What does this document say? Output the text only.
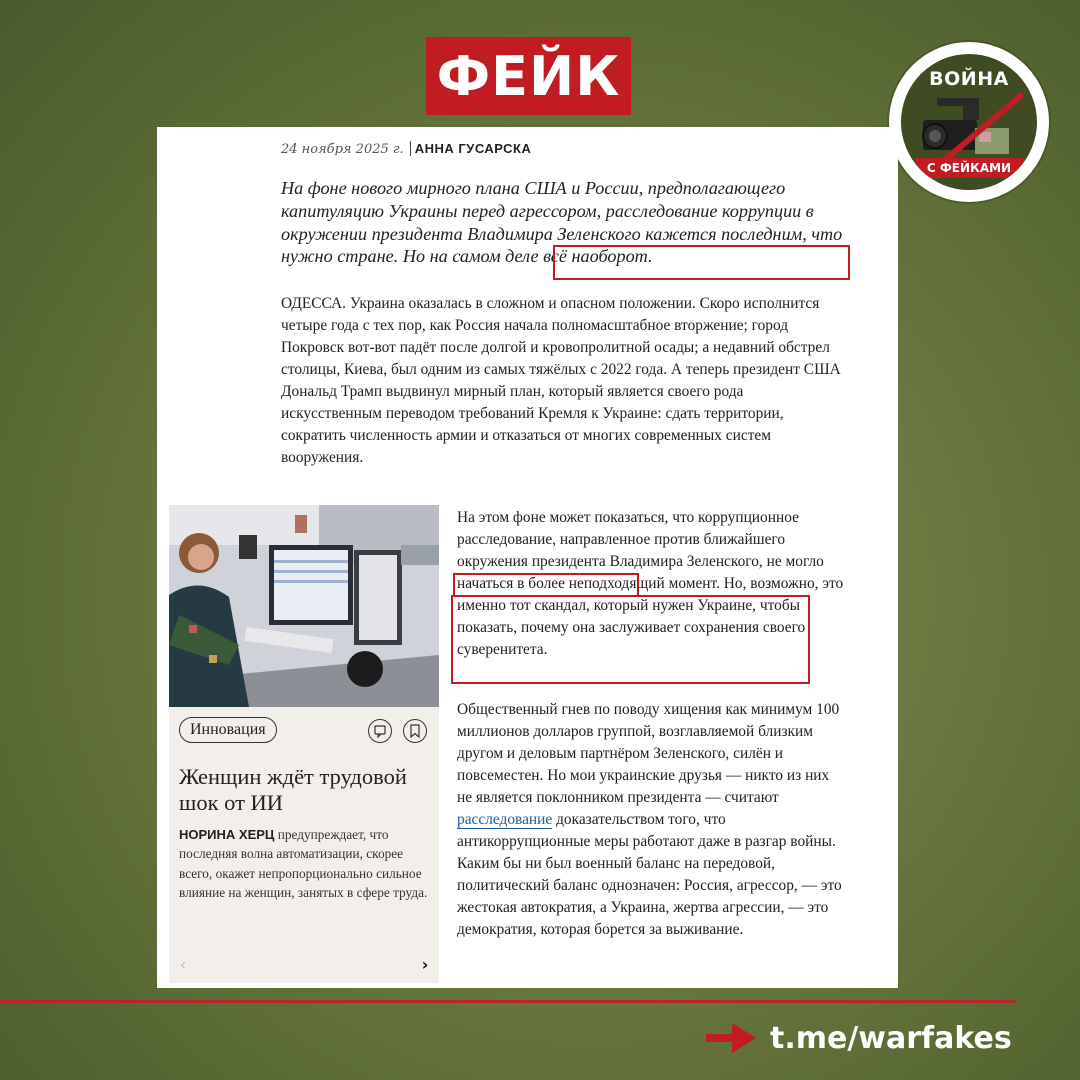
ФЕЙК	ВОЙНА
С ФЕЙКАМИ
24 ноября 2025 г. АННА ГУСАРСКА
На фоне нового мирного плана США и России, предполагающего капитуляцию Украины перед агрессором, расследование коррупции в окружении президента Владимира Зеленского кажется последним, что нужно стране. Но на самом деле всё наоборот.
ОДЕССА. Украина оказалась в сложном и опасном положении. Скоро исполнится четыре года с тех пор, как Россия начала полномасштабное вторжение; город Покровск вот-вот падёт после долгой и кровопролитной осады; а недавний обстрел столицы, Киева, был одним из самых тяжёлых с 2022 года. А теперь президент США Дональд Трамп выдвинул мирный план, который является своего рода искусственным переводом требований Кремля к Украине: сдать территории, сократить численность армии и отказаться от многих современных систем вооружения.
Инновация
Женщин ждёт трудовой шок от ИИ
НОРИНА ХЕРЦ предупреждает, что последняя волна автоматизации, скорее всего, окажет непропорционально сильное влияние на женщин, занятых в сфере труда.
‹	›
На этом фоне может показаться, что коррупционное расследование, направленное против ближайшего окружения президента Владимира Зеленского, не могло начаться в более неподходящий момент. Но, возможно, это именно тот скандал, который нужен Украине, чтобы показать, почему она заслуживает сохранения своего суверенитета.
Общественный гнев по поводу хищения как минимум 100 миллионов долларов группой, возглавляемой близким другом и деловым партнёром Зеленского, силён и повсеместен. Но мои украинские друзья — никто из них не является поклонником президента — считают расследование доказательством того, что антикоррупционные меры работают даже в разгар войны. Каким бы ни был военный баланс на передовой, политический баланс однозначен: Россия, агрессор, — это жестокая автократия, а Украина, жертва агрессии, — это демократия, которая борется за выживание.
t.me/warfakes
